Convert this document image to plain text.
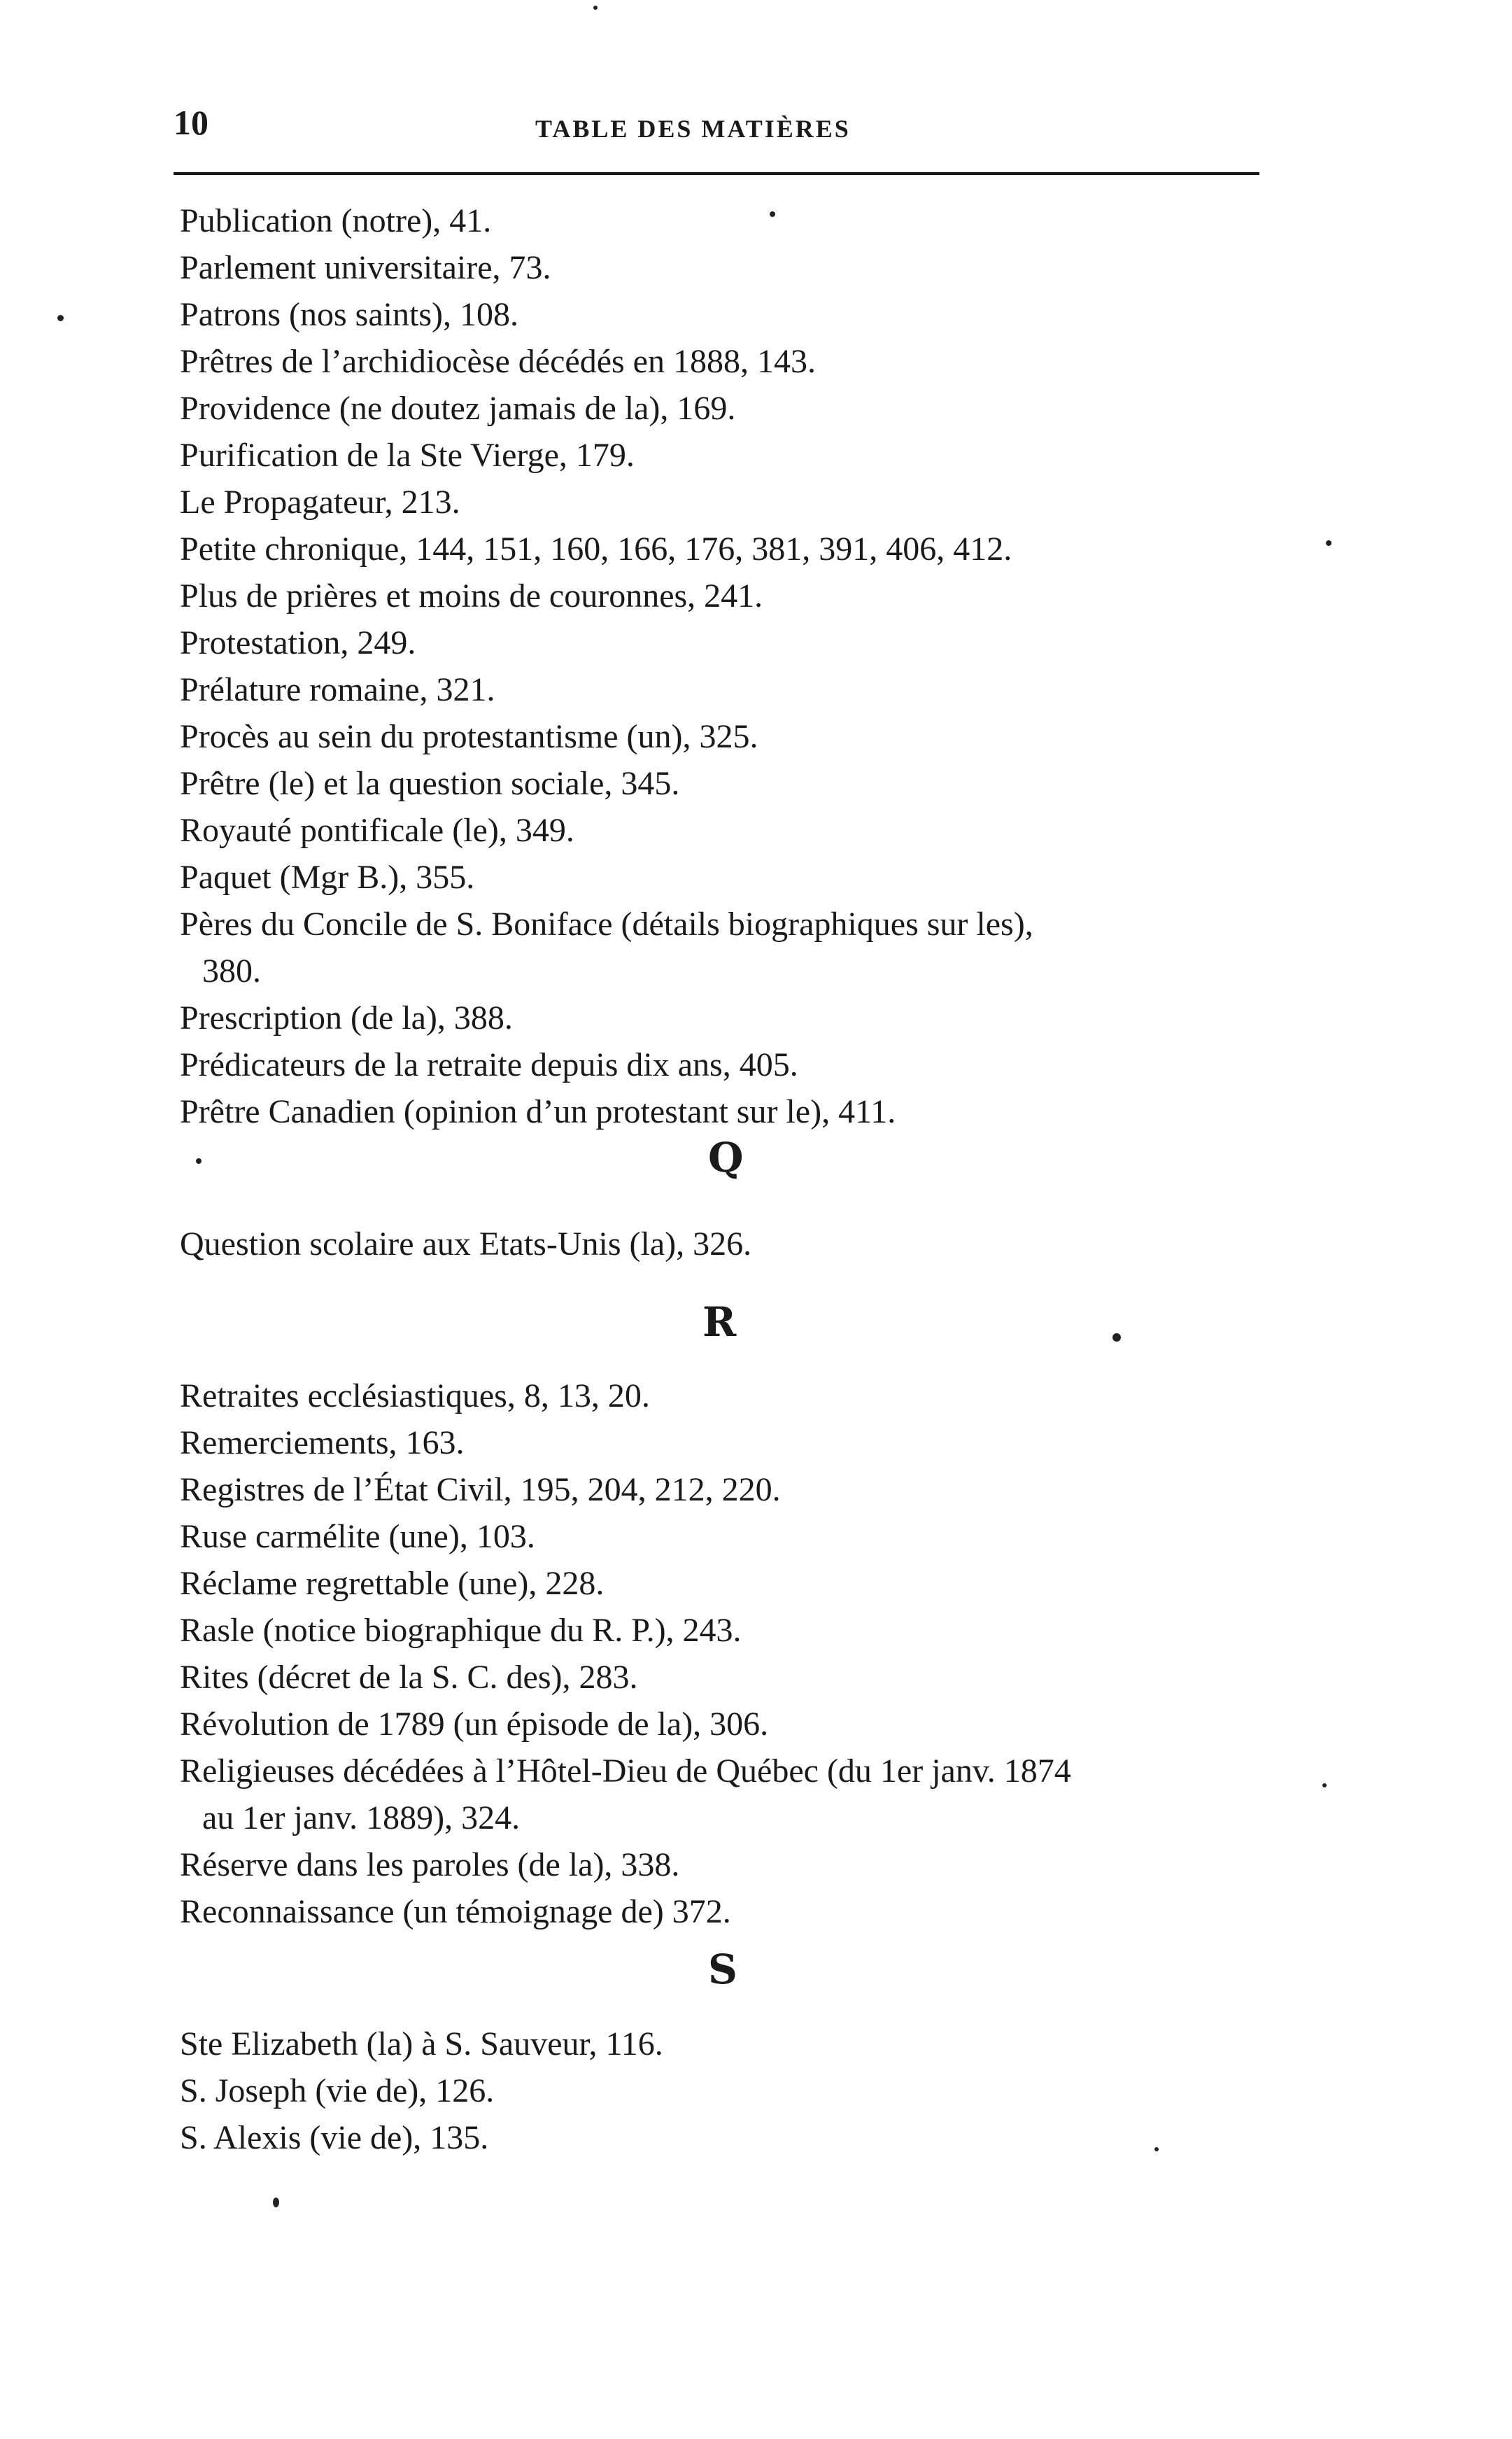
10	TABLE DES MATIÈRES
Publication (notre), 41.
Parlement universitaire, 73.
Patrons (nos saints), 108.
Prêtres de l’archidiocèse décédés en 1888, 143.
Providence (ne doutez jamais de la), 169.
Purification de la Ste Vierge, 179.
Le Propagateur, 213.
Petite chronique, 144, 151, 160, 166, 176, 381, 391, 406, 412.
Plus de prières et moins de couronnes, 241.
Protestation, 249.
Prélature romaine, 321.
Procès au sein du protestantisme (un), 325.
Prêtre (le) et la question sociale, 345.
Royauté pontificale (le), 349.
Paquet (Mgr B.), 355.
Pères du Concile de S. Boniface (détails biographiques sur les),
380.
Prescription (de la), 388.
Prédicateurs de la retraite depuis dix ans, 405.
Prêtre Canadien (opinion d’un protestant sur le), 411.
Q
Question scolaire aux Etats-Unis (la), 326.
R
Retraites ecclésiastiques, 8, 13, 20.
Remerciements, 163.
Registres de l’État Civil, 195, 204, 212, 220.
Ruse carmélite (une), 103.
Réclame regrettable (une), 228.
Rasle (notice biographique du R. P.), 243.
Rites (décret de la S. C. des), 283.
Révolution de 1789 (un épisode de la), 306.
Religieuses décédées à l’Hôtel-Dieu de Québec (du 1er janv. 1874
au 1er janv. 1889), 324.
Réserve dans les paroles (de la), 338.
Reconnaissance (un témoignage de) 372.
S
Ste Elizabeth (la) à S. Sauveur, 116.
S. Joseph (vie de), 126.
S. Alexis (vie de), 135.
